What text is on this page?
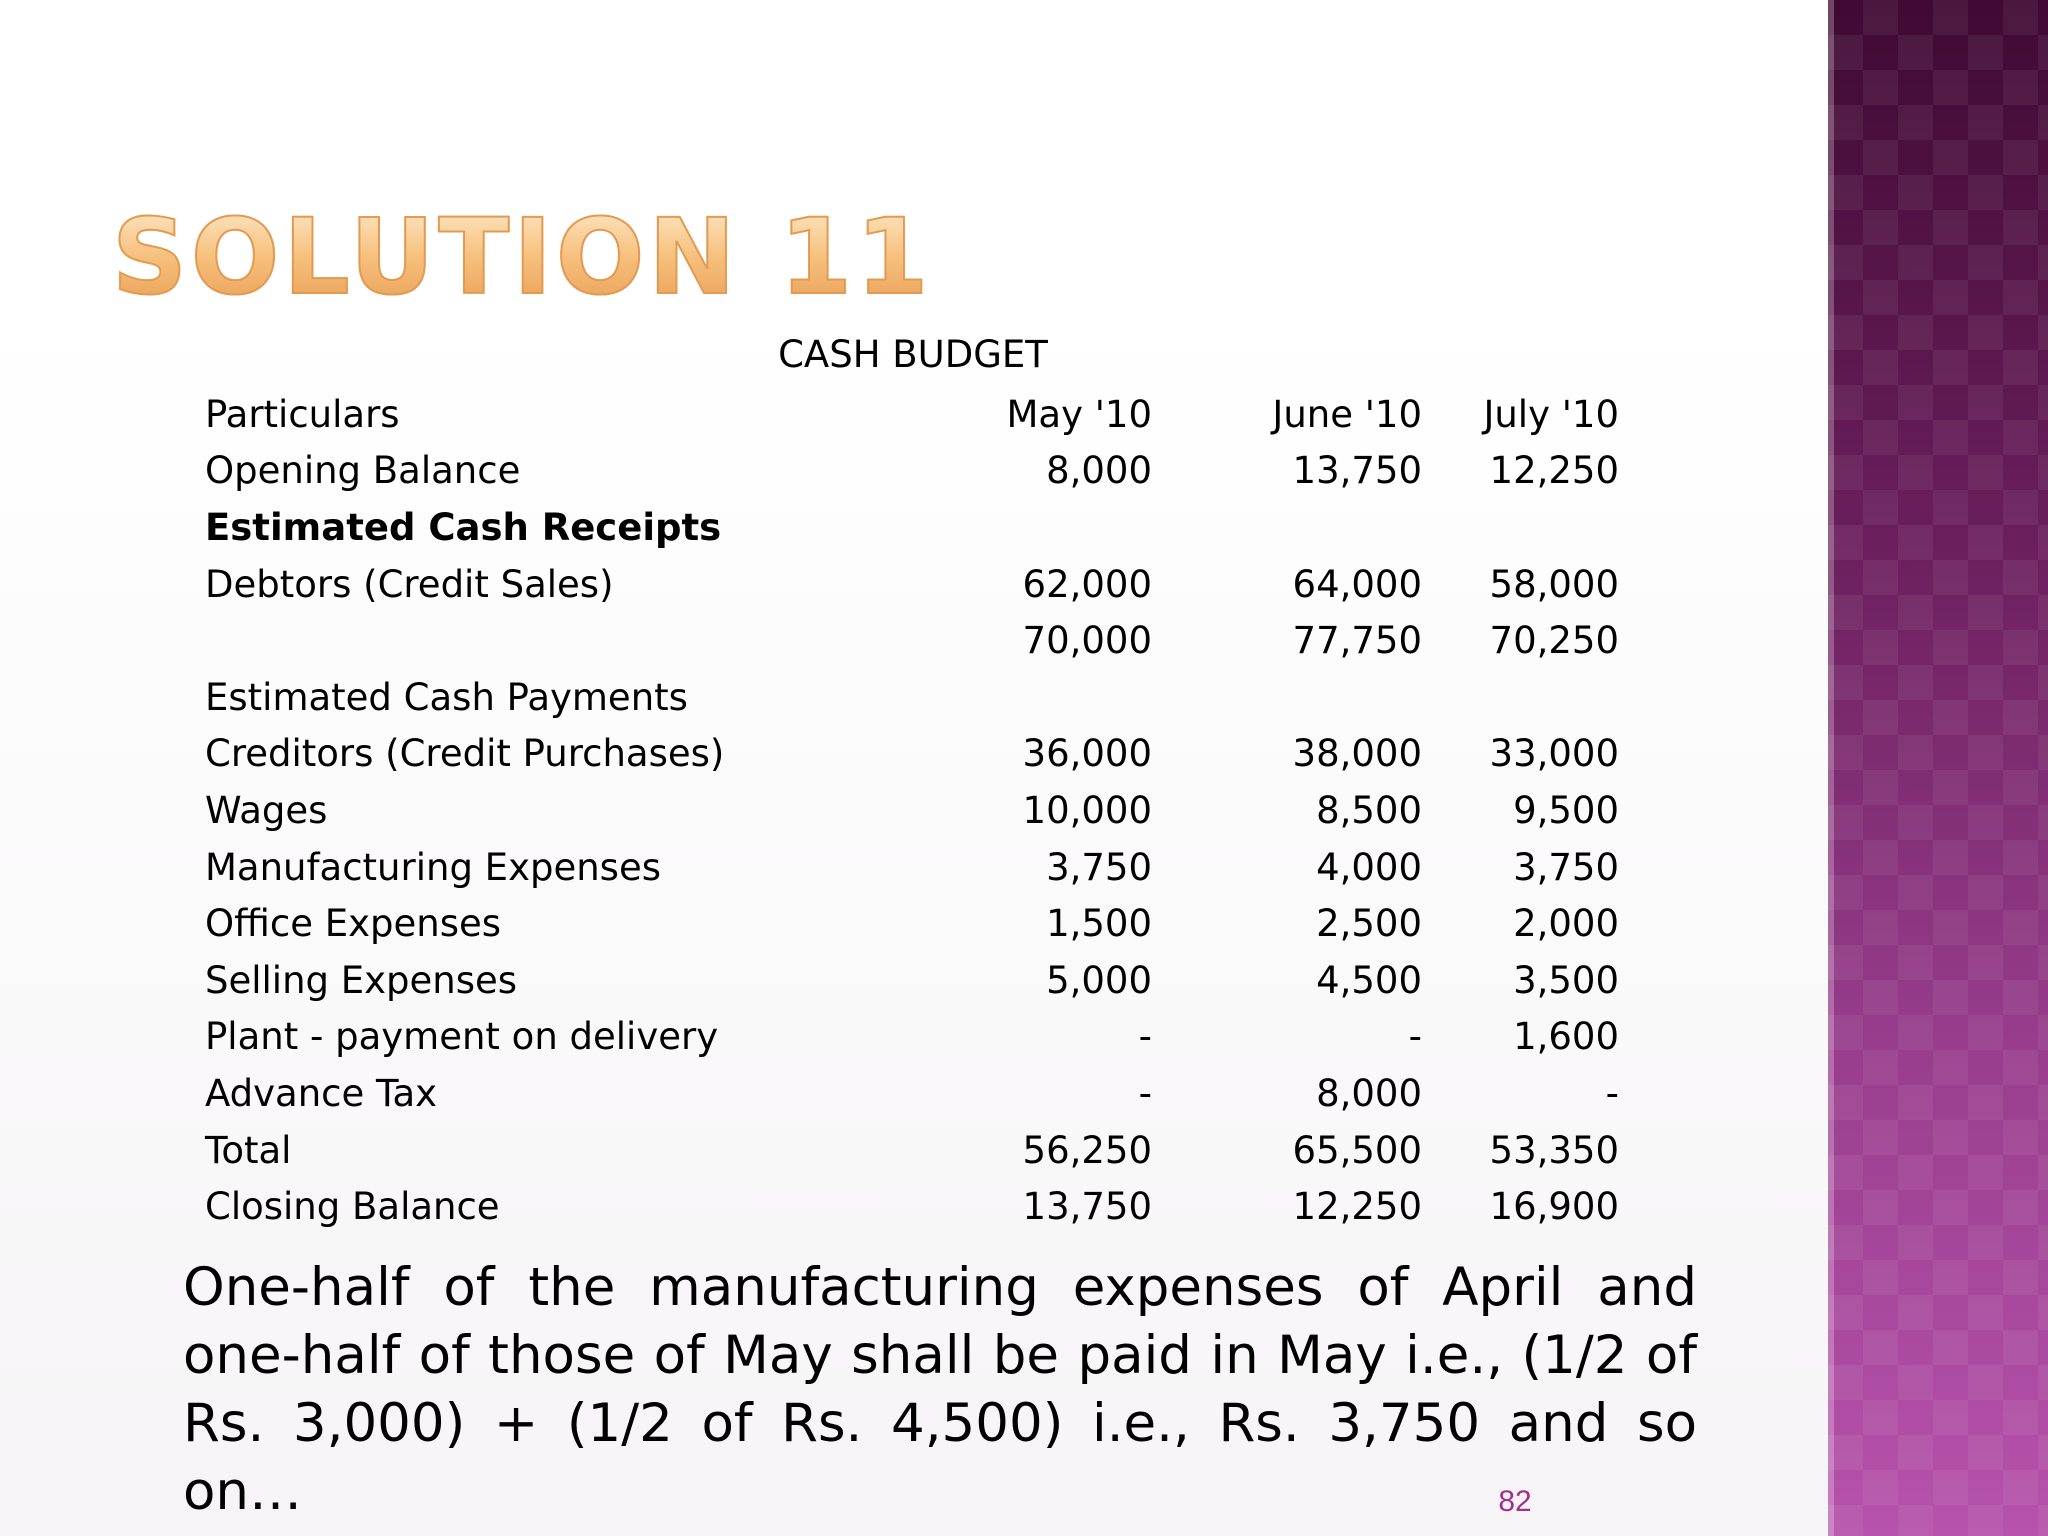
SOLUTION 11
CASH BUDGET
Particulars	May '10	June '10	July '10
Opening Balance	8,000	13,750	12,250
Estimated Cash Receipts			
Debtors (Credit Sales)	62,000	64,000	58,000
	70,000	77,750	70,250
Estimated Cash Payments			
Creditors (Credit Purchases)	36,000	38,000	33,000
Wages	10,000	8,500	9,500
Manufacturing Expenses	3,750	4,000	3,750
Office Expenses	1,500	2,500	2,000
Selling Expenses	5,000	4,500	3,500
Plant - payment on delivery	-	-	1,600
Advance Tax	-	8,000	-
Total	56,250	65,500	53,350
Closing Balance	13,750	12,250	16,900
One-half of the manufacturing expenses of April and one-half of those of May shall be paid in May i.e., (1/2 of Rs. 3,000) + (1/2 of Rs. 4,500) i.e., Rs. 3,750 and so on…	82
